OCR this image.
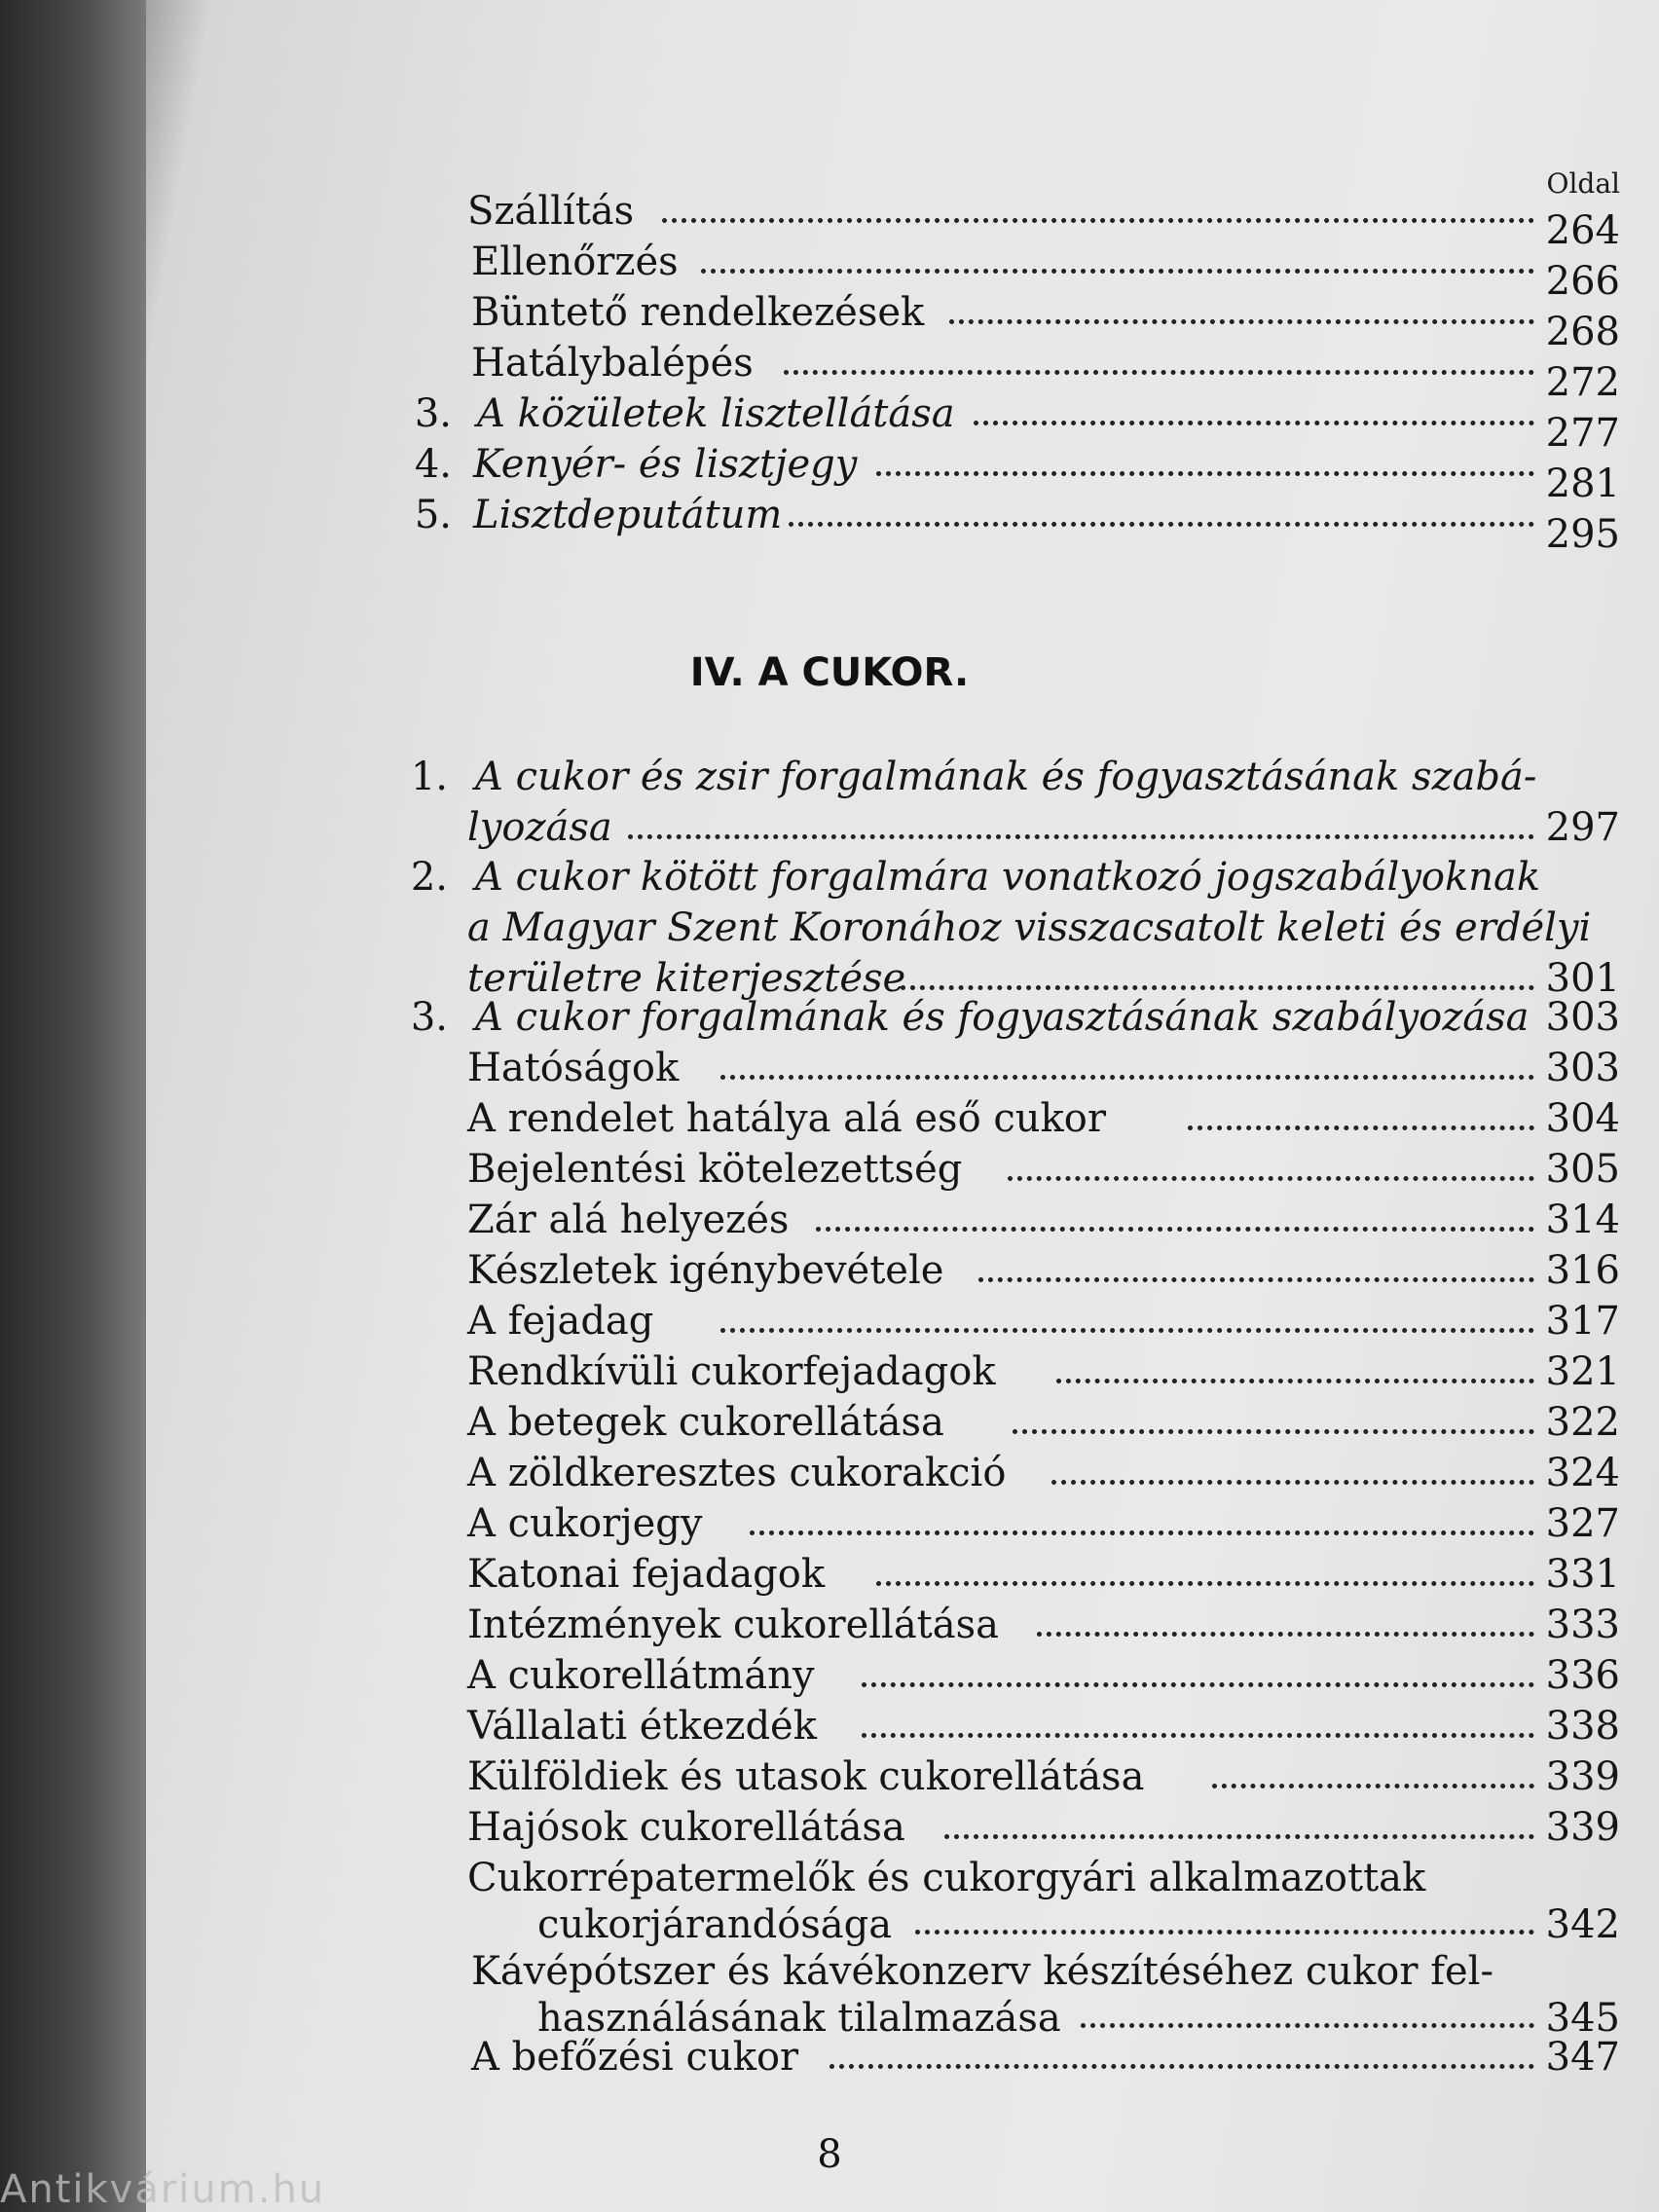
Oldal
Szállítás	264
Ellenőrzés	266
Büntető rendelkezések	268
Hatálybalépés	272
3. A közületek lisztellátása	277
4. Kenyér- és lisztjegy	281
5. Lisztdeputátum	295
IV. A CUKOR.
1. A cukor és zsir forgalmának és fogyasztásának szabá-
lyozása	297
2. A cukor kötött forgalmára vonatkozó jogszabályoknak
a Magyar Szent Koronához visszacsatolt keleti és erdélyi
területre kiterjesztése	301
3. A cukor forgalmának és fogyasztásának szabályozása 303
Hatóságok	303
A rendelet hatálya alá eső cukor	304
Bejelentési kötelezettség	305
Zár alá helyezés	314
Készletek igénybevétele	316
A fejadag	317
Rendkívüli cukorfejadagok	321
A betegek cukorellátása	322
A zöldkeresztes cukorakció	324
A cukorjegy	327
Katonai fejadagok	331
Intézmények cukorellátása	333
A cukorellátmány	336
Vállalati étkezdék	338
Külföldiek és utasok cukorellátása	339
Hajósok cukorellátása	339
Cukorrépatermelők és cukorgyári alkalmazottak
cukorjárandósága	342
Kávépótszer és kávékonzerv készítéséhez cukor fel-
használásának tilalmazása	345
A befőzési cukor	347
8
Antikvárium.hu
